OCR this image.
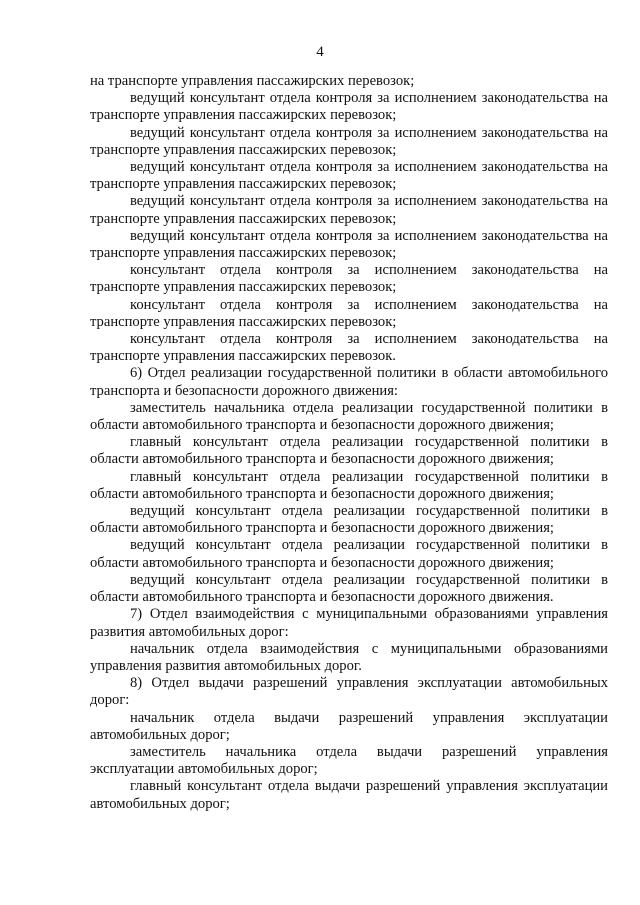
4

на транспорте управления пассажирских перевозок;

ведущий консультант отдела контроля за исполнением законодательства на транспорте управления пассажирских перевозок;

ведущий консультант отдела контроля за исполнением законодательства на транспорте управления пассажирских перевозок;

ведущий консультант отдела контроля за исполнением законодательства на транспорте управления пассажирских перевозок;

ведущий консультант отдела контроля за исполнением законодательства на транспорте управления пассажирских перевозок;

ведущий консультант отдела контроля за исполнением законодательства на транспорте управления пассажирских перевозок;

консультант отдела контроля за исполнением законодательства на транспорте управления пассажирских перевозок;

консультант отдела контроля за исполнением законодательства на транспорте управления пассажирских перевозок;

консультант отдела контроля за исполнением законодательства на транспорте управления пассажирских перевозок.

6) Отдел реализации государственной политики в области автомобильного транспорта и безопасности дорожного движения:

заместитель начальника отдела реализации государственной политики в области автомобильного транспорта и безопасности дорожного движения;

главный консультант отдела реализации государственной политики в области автомобильного транспорта и безопасности дорожного движения;

главный консультант отдела реализации государственной политики в области автомобильного транспорта и безопасности дорожного движения;

ведущий консультант отдела реализации государственной политики в области автомобильного транспорта и безопасности дорожного движения;

ведущий консультант отдела реализации государственной политики в области автомобильного транспорта и безопасности дорожного движения;

ведущий консультант отдела реализации государственной политики в области автомобильного транспорта и безопасности дорожного движения.

7) Отдел взаимодействия с муниципальными образованиями управления развития автомобильных дорог:

начальник отдела взаимодействия с муниципальными образованиями управления развития автомобильных дорог.

8) Отдел выдачи разрешений управления эксплуатации автомобильных дорог:

начальник отдела выдачи разрешений управления эксплуатации автомобильных дорог;

заместитель начальника отдела выдачи разрешений управления эксплуатации автомобильных дорог;

главный консультант отдела выдачи разрешений управления эксплуатации автомобильных дорог;
